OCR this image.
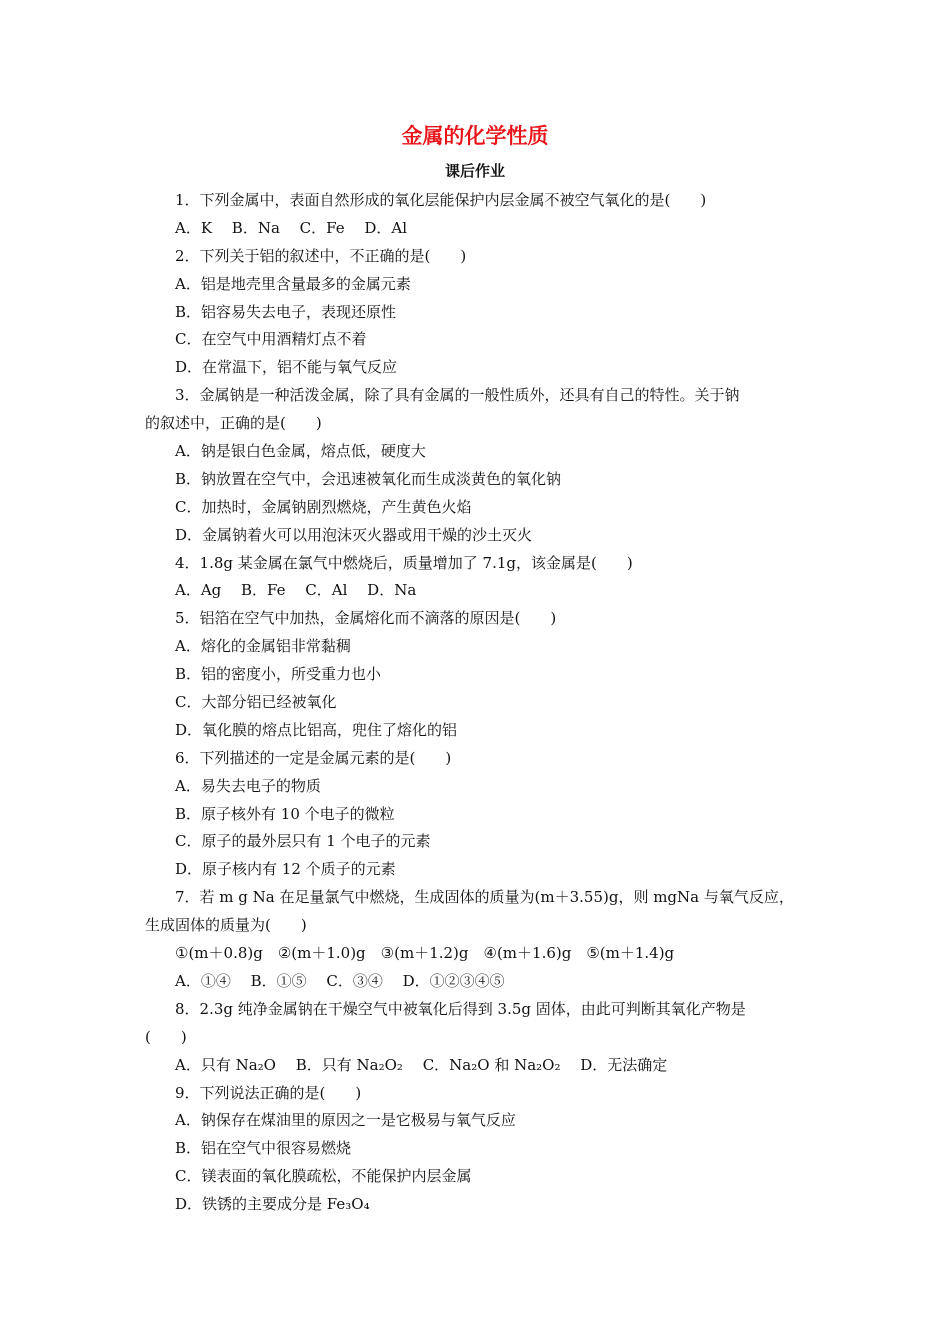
金属的化学性质
课后作业
1．下列金属中，表面自然形成的氧化层能保护内层金属不被空气氧化的是(　　)
A．K　 B．Na　 C．Fe　 D．Al
2．下列关于铝的叙述中，不正确的是(　　)
A．铝是地壳里含量最多的金属元素
B．铝容易失去电子，表现还原性
C．在空气中用酒精灯点不着
D．在常温下，铝不能与氧气反应
3．金属钠是一种活泼金属，除了具有金属的一般性质外，还具有自己的特性。关于钠
的叙述中，正确的是(　　)
A．钠是银白色金属，熔点低，硬度大
B．钠放置在空气中，会迅速被氧化而生成淡黄色的氧化钠
C．加热时，金属钠剧烈燃烧，产生黄色火焰
D．金属钠着火可以用泡沫灭火器或用干燥的沙土灭火
4．1.8g 某金属在氯气中燃烧后，质量增加了 7.1g，该金属是(　　)
A．Ag　 B．Fe　 C．Al　 D．Na
5．铝箔在空气中加热，金属熔化而不滴落的原因是(　　)
A．熔化的金属铝非常黏稠
B．铝的密度小，所受重力也小
C．大部分铝已经被氧化
D．氧化膜的熔点比铝高，兜住了熔化的铝
6．下列描述的一定是金属元素的是(　　)
A．易失去电子的物质
B．原子核外有 10 个电子的微粒
C．原子的最外层只有 1 个电子的元素
D．原子核内有 12 个质子的元素
7．若 m g Na 在足量氯气中燃烧，生成固体的质量为(m＋3.55)g，则 mgNa 与氧气反应，
生成固体的质量为(　　)
①(m＋0.8)g　②(m＋1.0)g　③(m＋1.2)g　④(m＋1.6)g　⑤(m＋1.4)g
A．①④　 B．①⑤　 C．③④　 D．①②③④⑤
8．2.3g 纯净金属钠在干燥空气中被氧化后得到 3.5g 固体，由此可判断其氧化产物是
(　　)
A．只有 Na₂O　 B．只有 Na₂O₂　 C．Na₂O 和 Na₂O₂　 D．无法确定
9．下列说法正确的是(　　)
A．钠保存在煤油里的原因之一是它极易与氧气反应
B．铝在空气中很容易燃烧
C．镁表面的氧化膜疏松，不能保护内层金属
D．铁锈的主要成分是 Fe₃O₄
